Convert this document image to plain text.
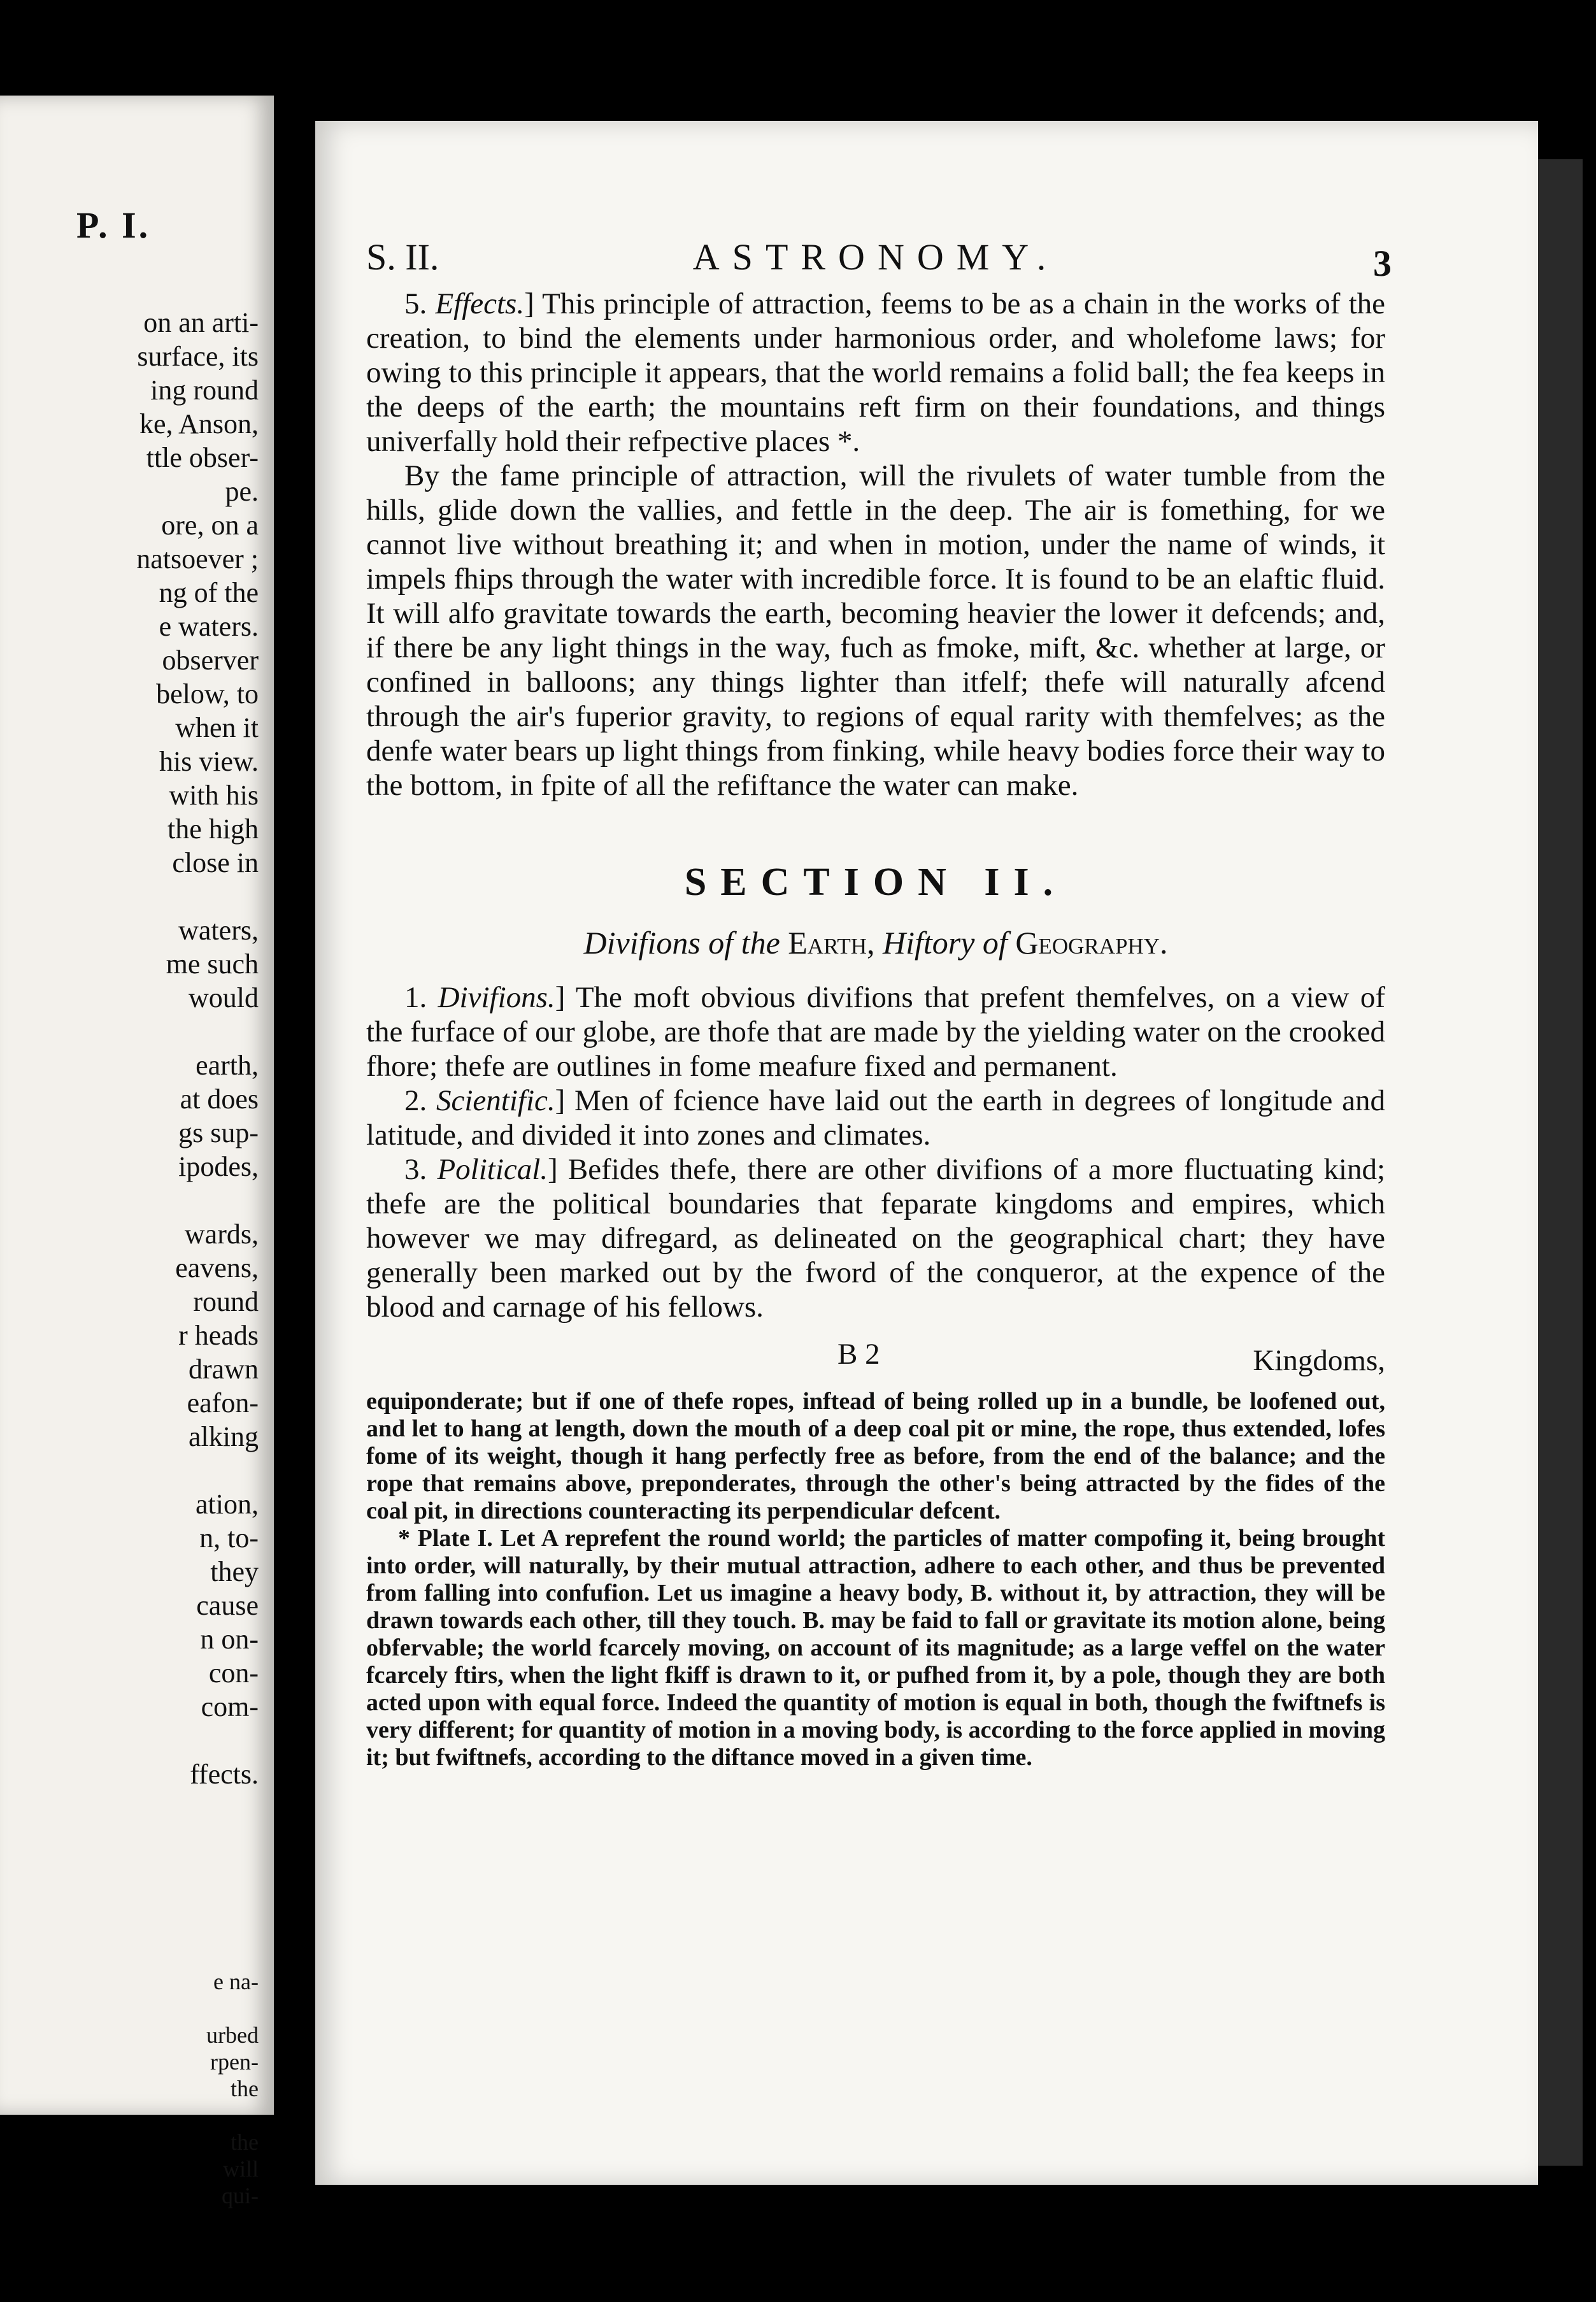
P. I.
on an arti-
surface, its
ing round
ke, Anson,
ttle obser-
pe.
ore, on a
natsoever ;
ng of the
e waters.
observer
below, to
when it
his view.
with his
the high
close in

waters,
me such
would

earth,
at does
gs sup-
ipodes,

wards,
eavens,
round
r heads
drawn
eafon-
alking

ation,
n, to-
they
cause
n on-
con-
com-

ffects.
e na-

urbed
rpen-
the

the
will
qui-
S. II.	ASTRONOMY.	3

5. Effects.] This principle of attraction, feems to be as a chain in the works of the creation, to bind the elements under harmonious order, and wholefome laws; for owing to this principle it appears, that the world remains a folid ball; the fea keeps in the deeps of the earth; the mountains reft firm on their foundations, and things univerfally hold their refpective places *.

By the fame principle of attraction, will the rivulets of water tumble from the hills, glide down the vallies, and fettle in the deep. The air is fomething, for we cannot live without breathing it; and when in motion, under the name of winds, it impels fhips through the water with incredible force. It is found to be an elaftic fluid. It will alfo gravitate towards the earth, becoming heavier the lower it defcends; and, if there be any light things in the way, fuch as fmoke, mift, &c. whether at large, or confined in balloons; any things lighter than itfelf; thefe will naturally afcend through the air's fuperior gravity, to regions of equal rarity with themfelves; as the denfe water bears up light things from finking, while heavy bodies force their way to the bottom, in fpite of all the refiftance the water can make.

SECTION II.
Divifions of the Earth, Hiftory of Geography.

1. Divifions.] The moft obvious divifions that prefent themfelves, on a view of the furface of our globe, are thofe that are made by the yielding water on the crooked fhore; thefe are outlines in fome meafure fixed and permanent.

2. Scientific.] Men of fcience have laid out the earth in degrees of longitude and latitude, and divided it into zones and climates.

3. Political.] Befides thefe, there are other divifions of a more fluctuating kind; thefe are the political boundaries that feparate kingdoms and empires, which however we may difregard, as delineated on the geographical chart; they have generally been marked out by the fword of the conqueror, at the expence of the blood and carnage of his fellows.

B 2	Kingdoms,

equiponderate; but if one of thefe ropes, inftead of being rolled up in a bundle, be loofened out, and let to hang at length, down the mouth of a deep coal pit or mine, the rope, thus extended, lofes fome of its weight, though it hang perfectly free as before, from the end of the balance; and the rope that remains above, preponderates, through the other's being attracted by the fides of the coal pit, in directions counteracting its perpendicular defcent.

* Plate I. Let A reprefent the round world; the particles of matter compofing it, being brought into order, will naturally, by their mutual attraction, adhere to each other, and thus be prevented from falling into confufion. Let us imagine a heavy body, B. without it, by attraction, they will be drawn towards each other, till they touch. B. may be faid to fall or gravitate its motion alone, being obfervable; the world fcarcely moving, on account of its magnitude; as a large veffel on the water fcarcely ftirs, when the light fkiff is drawn to it, or pufhed from it, by a pole, though they are both acted upon with equal force. Indeed the quantity of motion is equal in both, though the fwiftnefs is very different; for quantity of motion in a moving body, is according to the force applied in moving it; but fwiftnefs, according to the diftance moved in a given time.
